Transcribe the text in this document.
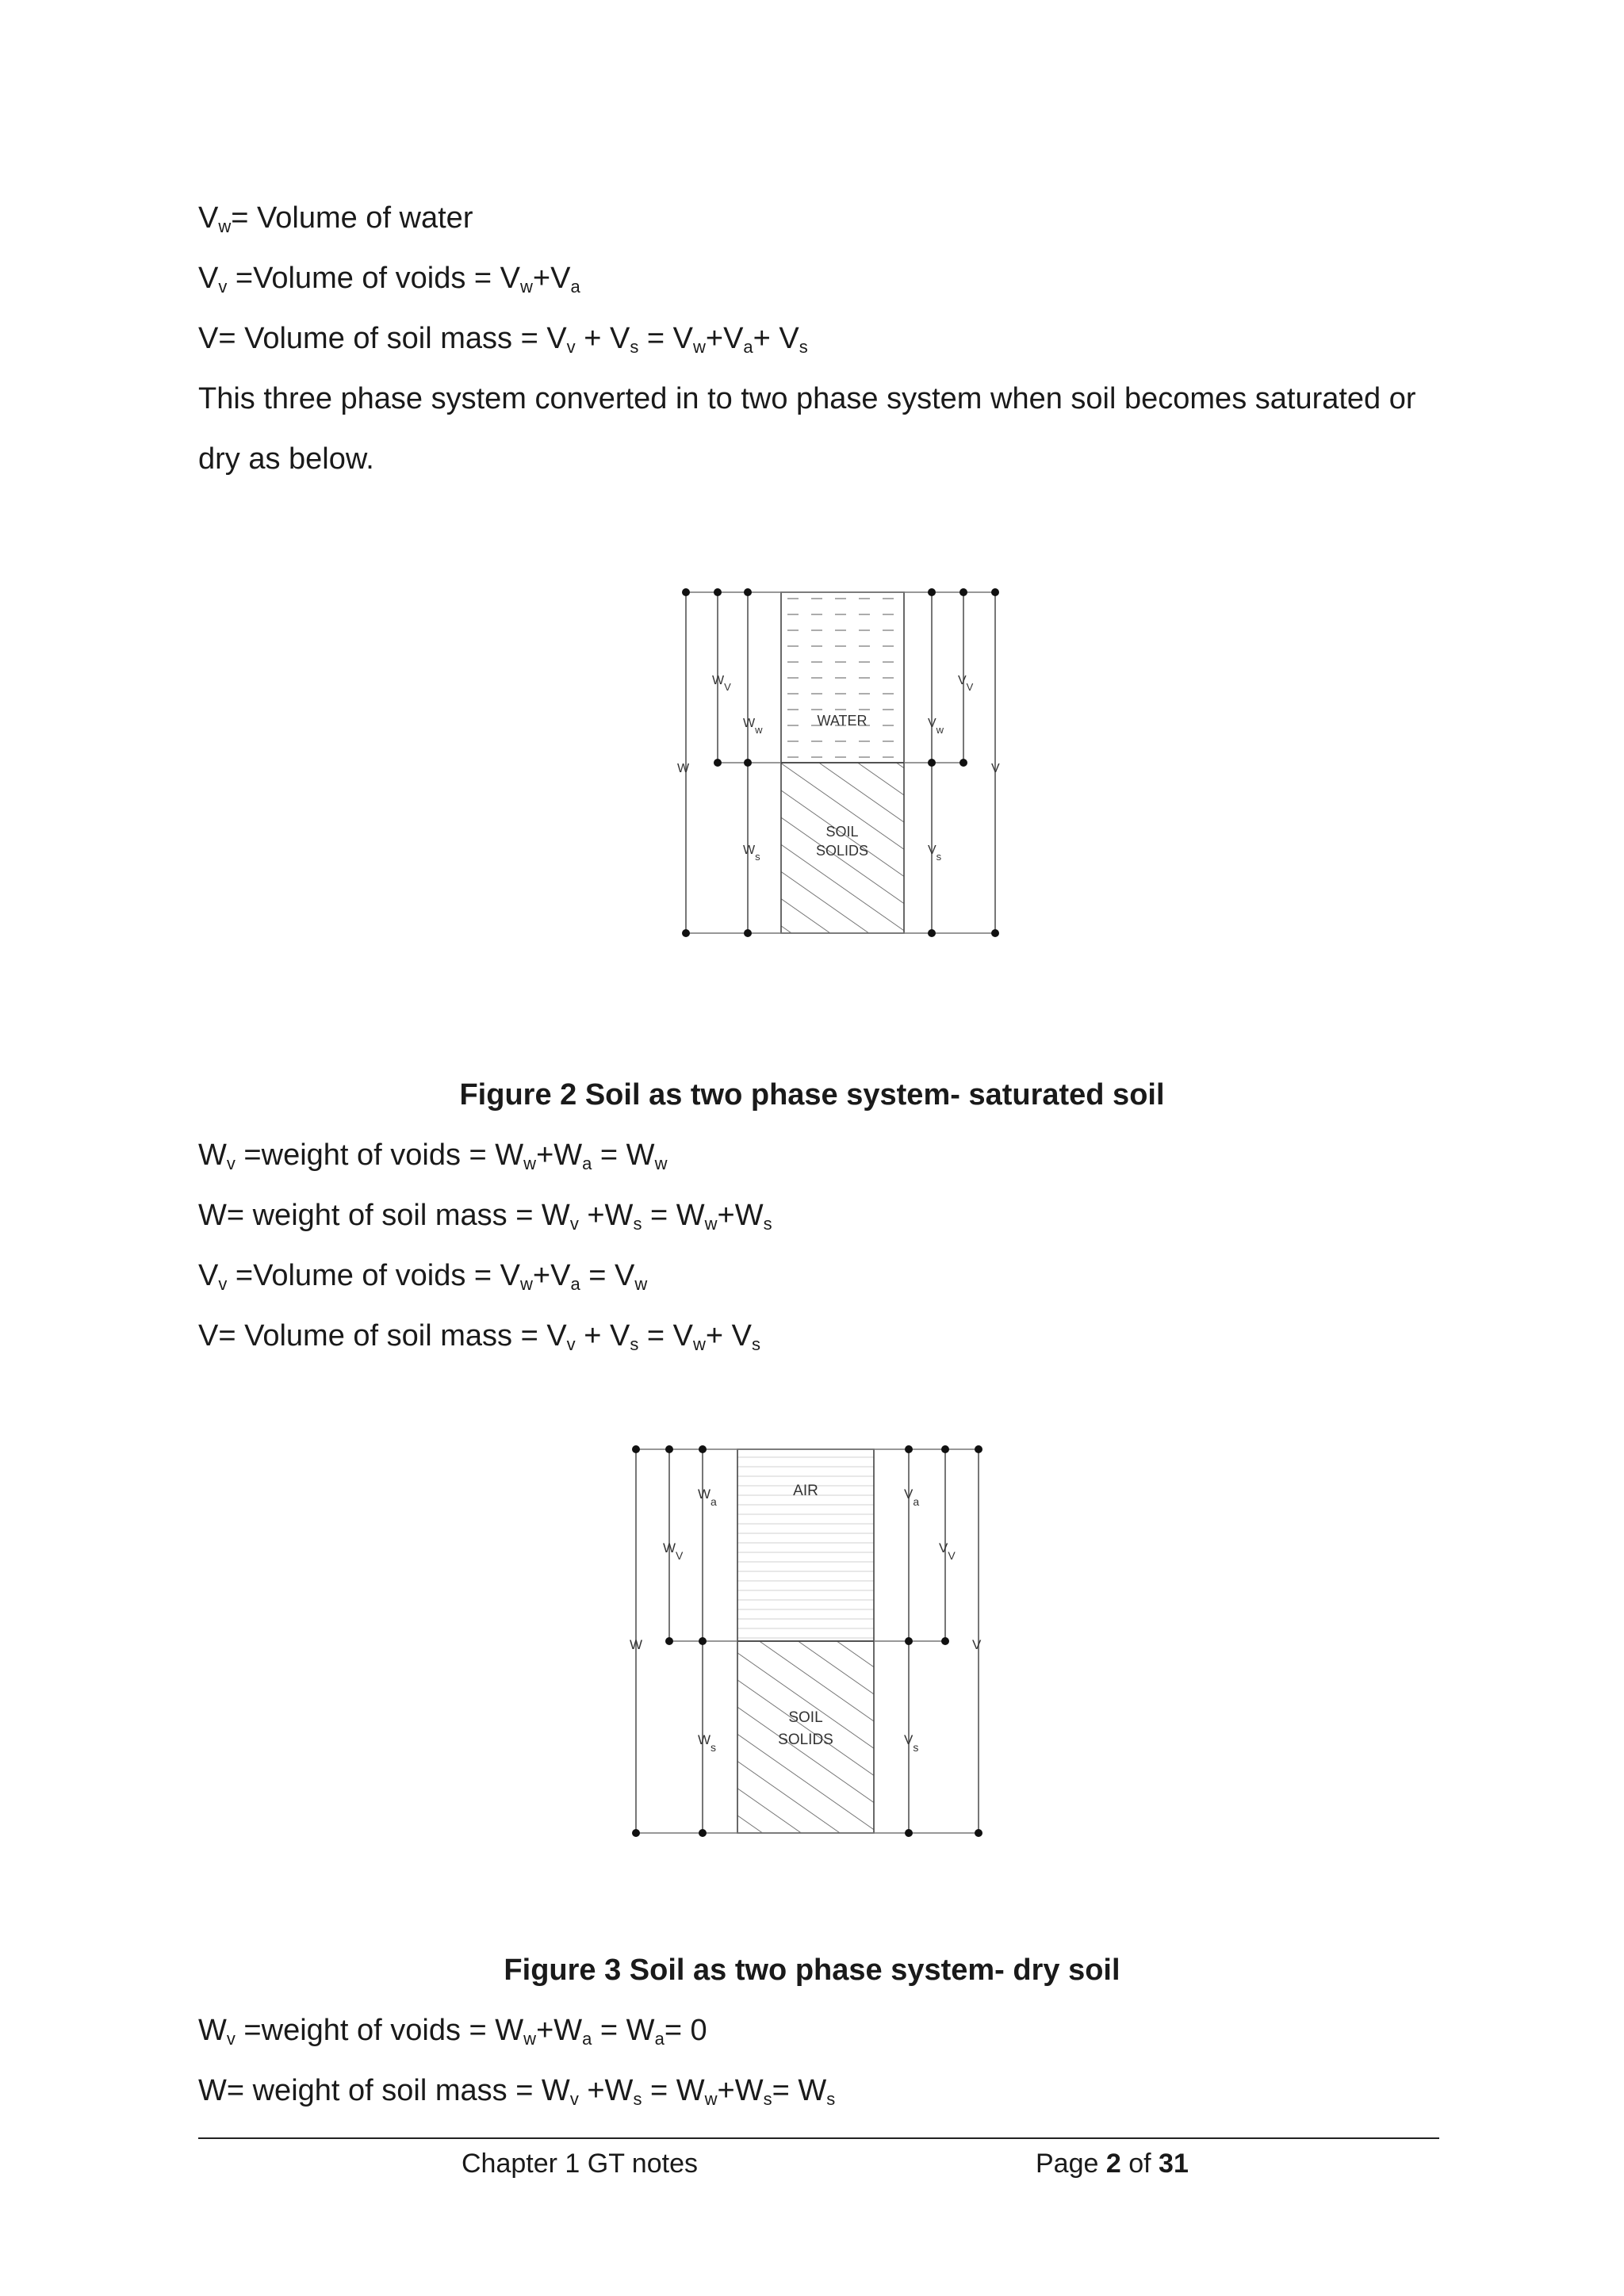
$V_w=$ Volume of water
$V_v$ =Volume of voids = $V_w+V_a$
V= Volume of soil mass = $V_v + V_s = V_w+V_a+ V_s$
This three phase system converted in to two phase system when soil becomes saturated or
dry as below.
WATER
SOIL
SOLIDS
W
$W_V$
$W_w$
$W_s$
V
$V_V$
$V_w$
$V_s$
Figure 2 Soil as two phase system- saturated soil
$W_v$ =weight of voids = $W_w+W_a = W_w$
W= weight of soil mass = $W_v +W_s = W_w+W_s$
$V_v$ =Volume of voids = $V_w+V_a = V_w$
V= Volume of soil mass = $V_v + V_s = V_w+ V_s$
AIR
SOIL
SOLIDS
W
$W_a$
$W_V$
$W_s$
V
$V_a$
$V_V$
$V_s$
Figure 3 Soil as two phase system- dry soil
$W_v$ =weight of voids = $W_w+W_a = W_a= 0$
W= weight of soil mass = $W_v +W_s = W_w+W_s= W_s$
Chapter 1 GT notes	Page 2 of 31
